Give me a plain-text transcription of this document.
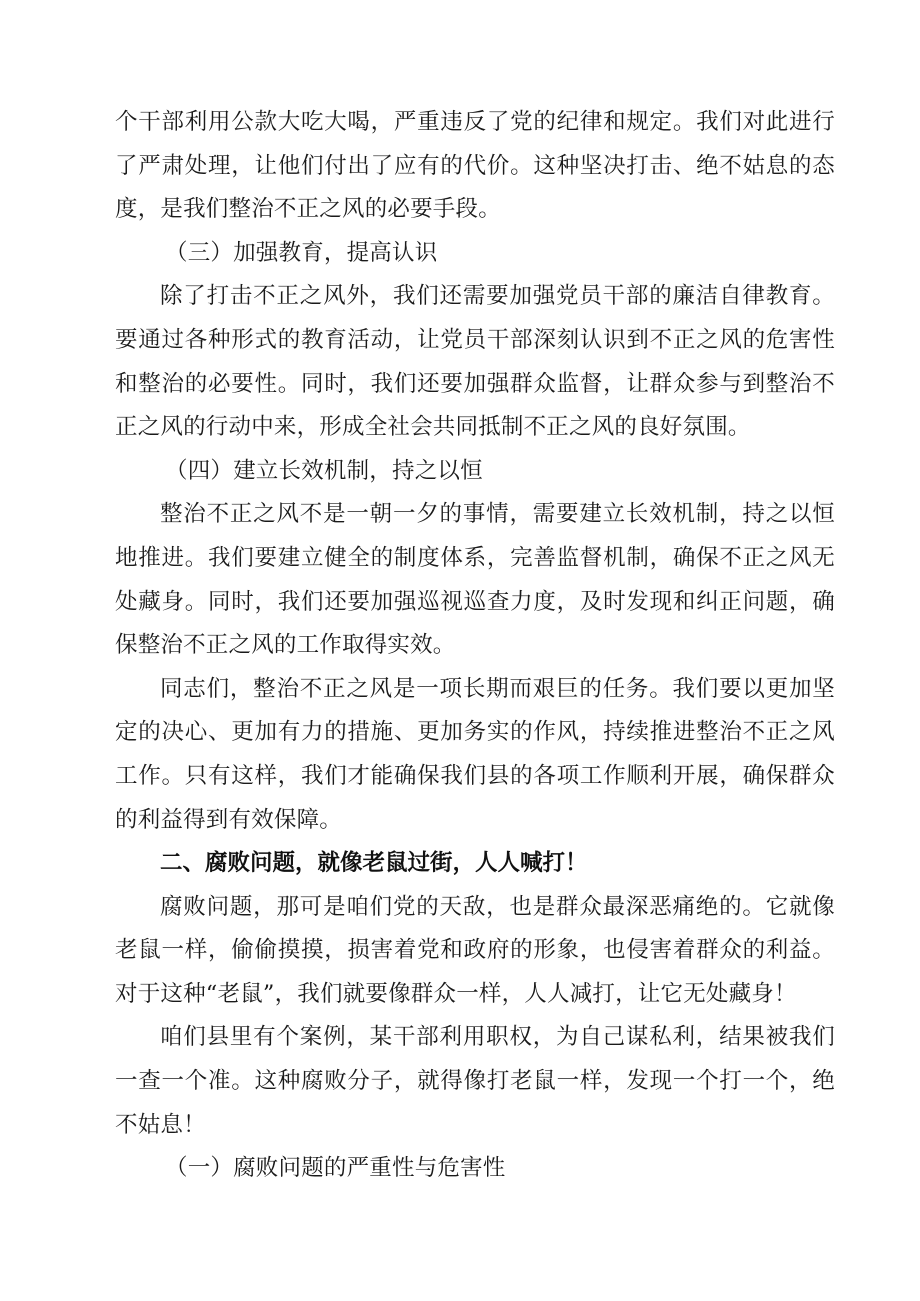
个干部利用公款大吃大喝，严重违反了党的纪律和规定。我们对此进行了严肃处理，让他们付出了应有的代价。这种坚决打击、绝不姑息的态度，是我们整治不正之风的必要手段。

（三）加强教育，提高认识

除了打击不正之风外，我们还需要加强党员干部的廉洁自律教育。要通过各种形式的教育活动，让党员干部深刻认识到不正之风的危害性和整治的必要性。同时，我们还要加强群众监督，让群众参与到整治不正之风的行动中来，形成全社会共同抵制不正之风的良好氛围。

（四）建立长效机制，持之以恒

整治不正之风不是一朝一夕的事情，需要建立长效机制，持之以恒地推进。我们要建立健全的制度体系，完善监督机制，确保不正之风无处藏身。同时，我们还要加强巡视巡查力度，及时发现和纠正问题，确保整治不正之风的工作取得实效。

同志们，整治不正之风是一项长期而艰巨的任务。我们要以更加坚定的决心、更加有力的措施、更加务实的作风，持续推进整治不正之风工作。只有这样，我们才能确保我们县的各项工作顺利开展，确保群众的利益得到有效保障。

二、腐败问题，就像老鼠过街，人人喊打！

腐败问题，那可是咱们党的天敌，也是群众最深恶痛绝的。它就像老鼠一样，偷偷摸摸，损害着党和政府的形象，也侵害着群众的利益。对于这种“老鼠”，我们就要像群众一样，人人减打，让它无处藏身！

咱们县里有个案例，某干部利用职权，为自己谋私利，结果被我们一查一个准。这种腐败分子，就得像打老鼠一样，发现一个打一个，绝不姑息！

（一）腐败问题的严重性与危害性
